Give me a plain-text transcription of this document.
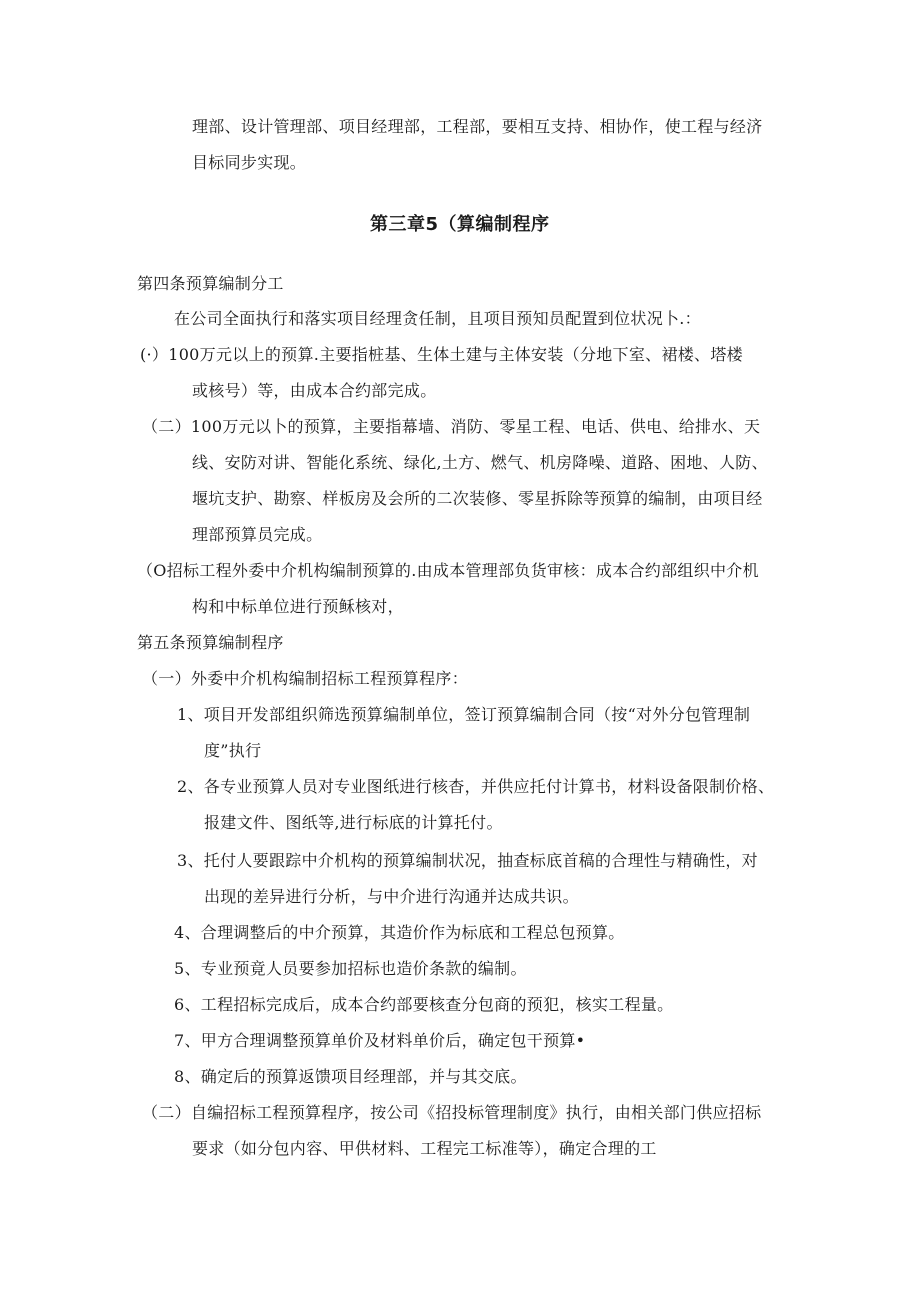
理部、设计管理部、项目经理部，工程部，要相互支持、相协作，使工程与经济
目标同步实现。
第三章5（算编制程序
第四条预算编制分工
在公司全面执行和落实项目经理贪任制，且项目预知员配置到位状况卜.：
(·）100万元以上的预算.主要指桩基、生体土建与主体安装（分地下室、裙楼、塔楼
或核号）等，由成本合约部完成。
（二）100万元以卜的预算，主要指幕墙、消防、零星工程、电话、供电、给排水、天
线、安防对讲、智能化系统、绿化,土方、燃气、机房降噪、道路、困地、人防、
堰坑支护、勘察、样板房及会所的二次装修、零星拆除等预算的编制，由项目经
理部预算员完成。
（O招标工程外委中介机构编制预算的.由成本管理部负货审核：成本合约部组织中介机
构和中标单位进行预稣核对，
第五条预算编制程序
（一）外委中介机构编制招标工程预算程序：
1、项目开发部组织筛选预算编制单位，签订预算编制合同（按“对外分包管理制
度”执行
2、各专业预算人员对专业图纸进行核杳，并供应托付计算书，材料设备限制价格、
报建文件、图纸等,进行标底的计算托付。
3、托付人要跟踪中介机构的预算编制状况，抽查标底首稿的合理性与精确性，对
出现的差异进行分析，与中介进行沟通并达成共识。
4、合理调整后的中介预算，其造价作为标底和工程总包预算。
5、专业预竟人员要参加招标也造价条款的编制。
6、工程招标完成后，成本合约部要核查分包商的预犯，核实工程量。
7、甲方合理调整预算单价及材料单价后，确定包干预算•
8、确定后的预算返馈项目经理部，并与其交底。
（二）自编招标工程预算程序，按公司《招投标管理制度》执行，由相关部门供应招标
要求（如分包内容、甲供材料、工程完工标准等），确定合理的工
